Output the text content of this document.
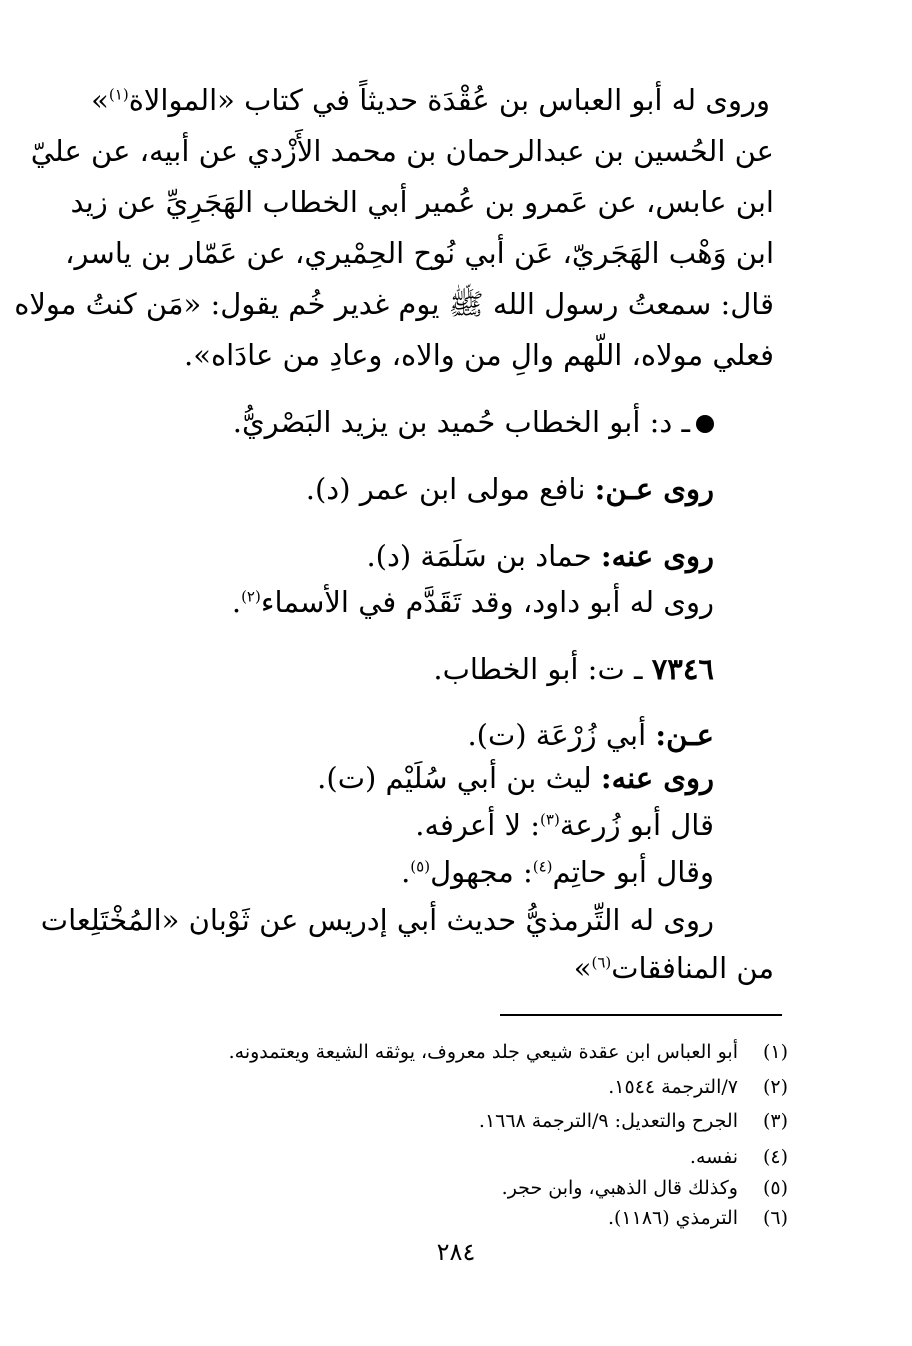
وروى له أبو العباس بن عُقْدَة حديثاً في كتاب «الموالاة$^{(١)}$»
عن الحُسين بن عبدالرحمان بن محمد الأَزْدي عن أبيه، عن عليّ
ابن عابس، عن عَمرو بن عُمير أبي الخطاب الهَجَرِيِّ عن زيد
ابن وَهْب الهَجَريّ، عَن أبي نُوح الحِمْيري، عن عَمّار بن ياسر،
قال: سمعتُ رسول الله ﷺ يوم غدير خُم يقول: «مَن كنتُ مولاه
فعلي مولاه، اللّهم والِ من والاه، وعادِ من عادَاه».
ـ د: أبو الخطاب حُميد بن يزيد البَصْريُّ.
روى عـن: نافع مولى ابن عمر (د).
روى عنه: حماد بن سَلَمَة (د).
روى له أبو داود، وقد تَقَدَّم في الأسماء$^{(٢)}$.
٧٣٤٦ ـ ت: أبو الخطاب.
عـن: أبي زُرْعَة (ت).
روى عنه: ليث بن أبي سُلَيْم (ت).
قال أبو زُرعة$^{(٣)}$: لا أعرفه.
وقال أبو حاتِم$^{(٤)}$: مجهول$^{(٥)}$.
روى له التِّرمذيُّ حديث أبي إدريس عن ثَوْبان «المُخْتَلِعات
من المنافقات$^{(٦)}$»
(١)أبو العباس ابن عقدة شيعي جلد معروف، يوثقه الشيعة ويعتمدونه.
(٢)٧/الترجمة ١٥٤٤.
(٣)الجرح والتعديل: ٩/الترجمة ١٦٦٨.
(٤)نفسه.
(٥)وكذلك قال الذهبي، وابن حجر.
(٦)الترمذي (١١٨٦).
٢٨٤
